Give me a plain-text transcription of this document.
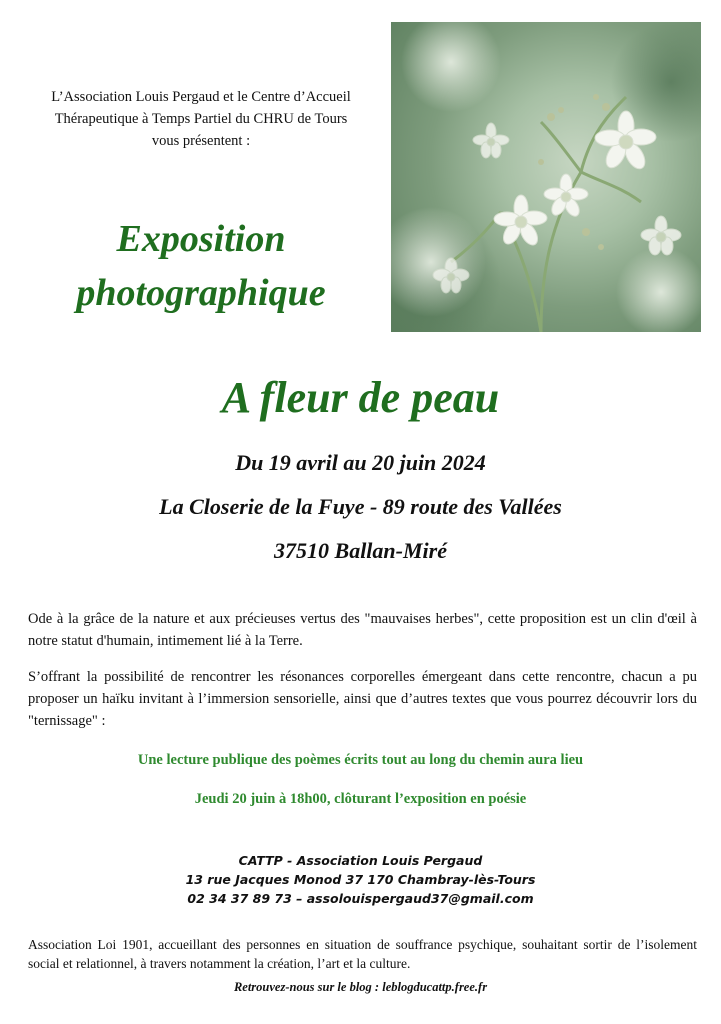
L’Association Louis Pergaud et le Centre d’Accueil
Thérapeutique à Temps Partiel du CHRU de Tours
vous présentent :
Exposition
photographique
A fleur de peau
Du 19 avril au 20 juin 2024
La Closerie de la Fuye - 89 route des Vallées
37510 Ballan-Miré
Ode à la grâce de la nature et aux précieuses vertus des "mauvaises herbes", cette proposition est un clin d'œil à notre statut d'humain, intimement lié à la Terre.
S’offrant la possibilité de rencontrer les résonances corporelles émergeant dans cette rencontre, chacun a pu proposer un haïku invitant à l’immersion sensorielle, ainsi que d’autres textes que vous pourrez découvrir lors du "ternissage" :
Une lecture publique des poèmes écrits tout au long du chemin aura lieu
Jeudi 20 juin à 18h00, clôturant l’exposition en poésie
CATTP - Association Louis Pergaud
13 rue Jacques Monod 37 170 Chambray-lès-Tours
02 34 37 89 73 – assolouispergaud37@gmail.com
Association Loi 1901, accueillant des personnes en situation de souffrance psychique, souhaitant sortir de l’isolement social et relationnel, à travers notamment la création, l’art et la culture.
Retrouvez-nous sur le blog : leblogducattp.free.fr
